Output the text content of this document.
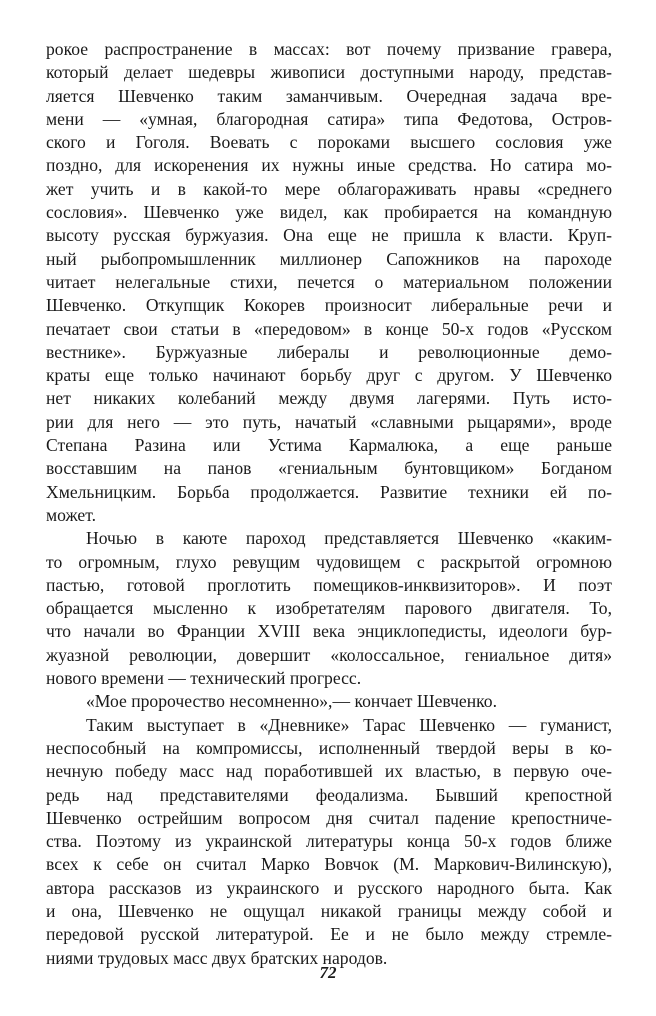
рокое распространение в массах: вот почему призвание гравера,
который делает шедевры живописи доступными народу, представ-
ляется Шевченко таким заманчивым. Очередная задача вре-
мени — «умная, благородная сатира» типа Федотова, Остров-
ского и Гоголя. Воевать с пороками высшего сословия уже
поздно, для искоренения их нужны иные средства. Но сатира мо-
жет учить и в какой-то мере облагораживать нравы «среднего
сословия». Шевченко уже видел, как пробирается на командную
высоту русская буржуазия. Она еще не пришла к власти. Круп-
ный рыбопромышленник миллионер Сапожников на пароходе
читает нелегальные стихи, печется о материальном положении
Шевченко. Откупщик Кокорев произносит либеральные речи и
печатает свои статьи в «передовом» в конце 50-х годов «Русском
вестнике». Буржуазные либералы и революционные демо-
краты еще только начинают борьбу друг с другом. У Шевченко
нет никаких колебаний между двумя лагерями. Путь исто-
рии для него — это путь, начатый «славными рыцарями», вроде
Степана Разина или Устима Кармалюка, а еще раньше
восставшим на панов «гениальным бунтовщиком» Богданом
Хмельницким. Борьба продолжается. Развитие техники ей по-
может.
Ночью в каюте пароход представляется Шевченко «каким-
то огромным, глухо ревущим чудовищем с раскрытой огромною
пастью, готовой проглотить помещиков-инквизиторов». И поэт
обращается мысленно к изобретателям парового двигателя. То,
что начали во Франции XVIII века энциклопедисты, идеологи бур-
жуазной революции, довершит «колоссальное, гениальное дитя»
нового времени — технический прогресс.
«Мое пророчество несомненно»,— кончает Шевченко.
Таким выступает в «Дневнике» Тарас Шевченко — гуманист,
неспособный на компромиссы, исполненный твердой веры в ко-
нечную победу масс над поработившей их властью, в первую оче-
редь над представителями феодализма. Бывший крепостной
Шевченко острейшим вопросом дня считал падение крепостниче-
ства. Поэтому из украинской литературы конца 50-х годов ближе
всех к себе он считал Марко Вовчок (М. Маркович-Вилинскую),
автора рассказов из украинского и русского народного быта. Как
и она, Шевченко не ощущал никакой границы между собой и
передовой русской литературой. Ее и не было между стремле-
ниями трудовых масс двух братских народов.
72
